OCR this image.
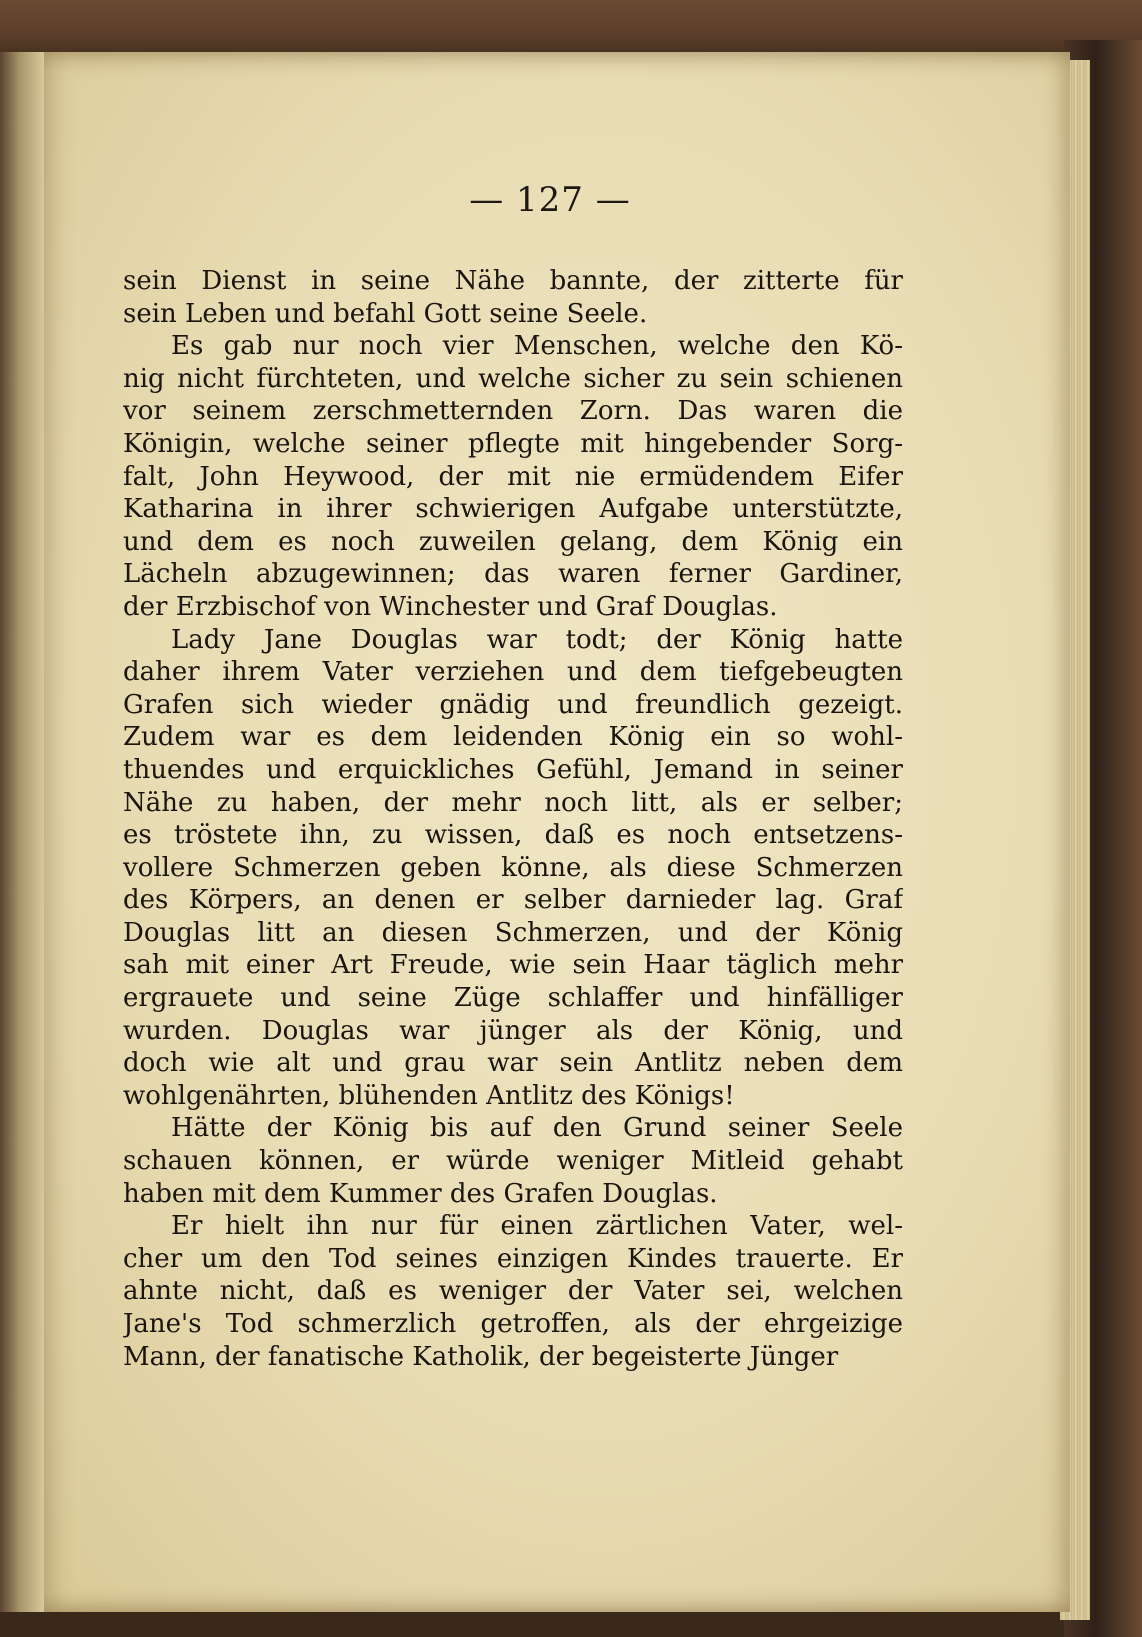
— 127 —
sein Dienst in seine Nähe bannte, der zitterte für
sein Leben und befahl Gott seine Seele.
Es gab nur noch vier Menschen, welche den Kö-
nig nicht fürchteten, und welche sicher zu sein schienen
vor seinem zerschmetternden Zorn. Das waren die
Königin, welche seiner pflegte mit hingebender Sorg-
falt, John Heywood, der mit nie ermüdendem Eifer
Katharina in ihrer schwierigen Aufgabe unterstützte,
und dem es noch zuweilen gelang, dem König ein
Lächeln abzugewinnen; das waren ferner Gardiner,
der Erzbischof von Winchester und Graf Douglas.
Lady Jane Douglas war todt; der König hatte
daher ihrem Vater verziehen und dem tiefgebeugten
Grafen sich wieder gnädig und freundlich gezeigt.
Zudem war es dem leidenden König ein so wohl-
thuendes und erquickliches Gefühl, Jemand in seiner
Nähe zu haben, der mehr noch litt, als er selber;
es tröstete ihn, zu wissen, daß es noch entsetzens-
vollere Schmerzen geben könne, als diese Schmerzen
des Körpers, an denen er selber darnieder lag. Graf
Douglas litt an diesen Schmerzen, und der König
sah mit einer Art Freude, wie sein Haar täglich mehr
ergrauete und seine Züge schlaffer und hinfälliger
wurden. Douglas war jünger als der König, und
doch wie alt und grau war sein Antlitz neben dem
wohlgenährten, blühenden Antlitz des Königs!
Hätte der König bis auf den Grund seiner Seele
schauen können, er würde weniger Mitleid gehabt
haben mit dem Kummer des Grafen Douglas.
Er hielt ihn nur für einen zärtlichen Vater, wel-
cher um den Tod seines einzigen Kindes trauerte. Er
ahnte nicht, daß es weniger der Vater sei, welchen
Jane's Tod schmerzlich getroffen, als der ehrgeizige
Mann, der fanatische Katholik, der begeisterte Jünger
